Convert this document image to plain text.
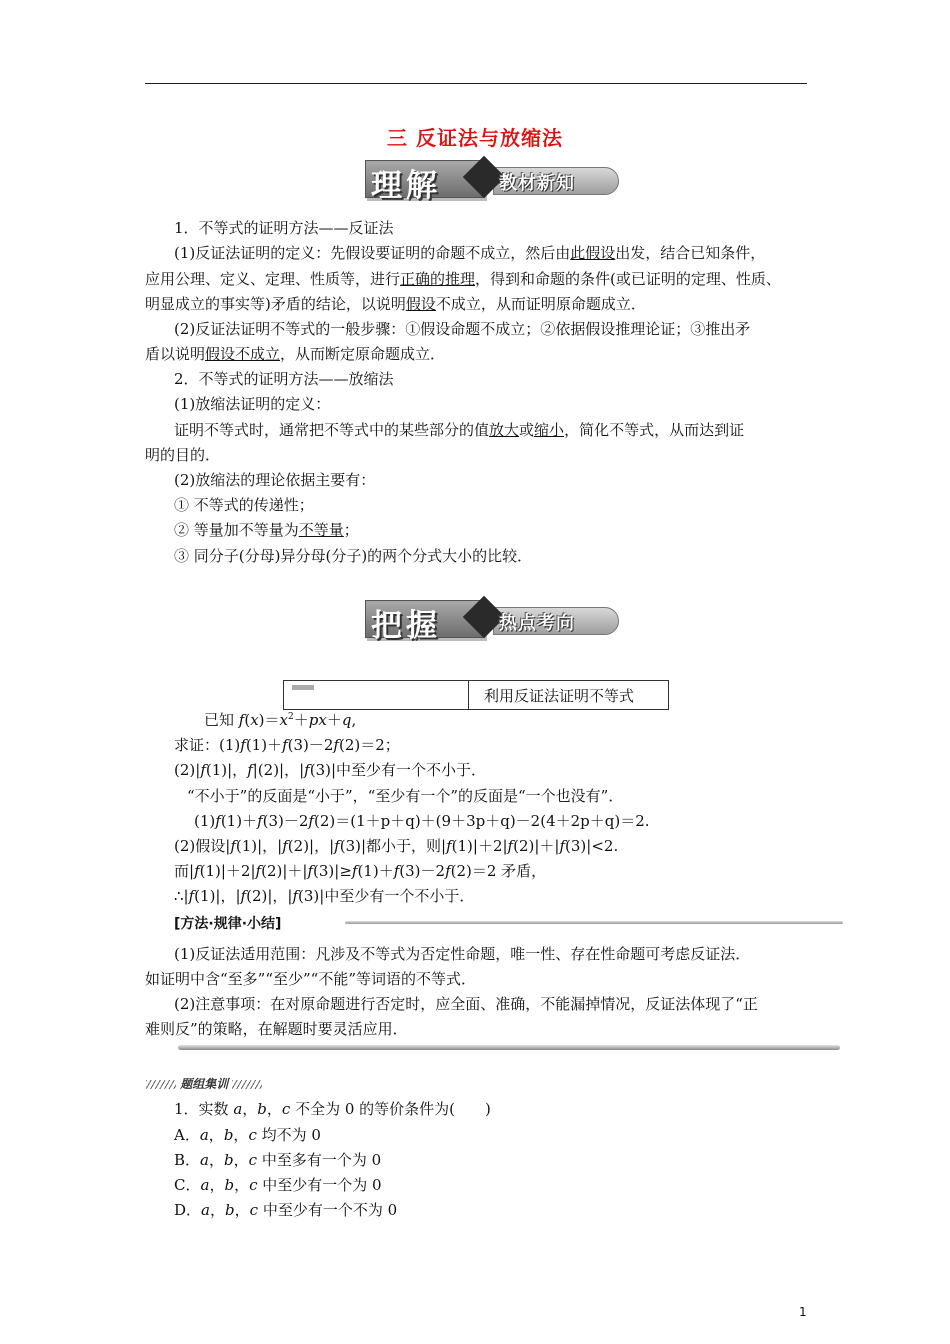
三 反证法与放缩法
理解	教材新知
1．不等式的证明方法——反证法
(1)反证法证明的定义：先假设要证明的命题不成立，然后由此假设出发，结合已知条件，
应用公理、定义、定理、性质等，进行正确的推理，得到和命题的条件(或已证明的定理、性质、
明显成立的事实等)矛盾的结论，以说明假设不成立，从而证明原命题成立．
(2)反证法证明不等式的一般步骤：①假设命题不成立；②依据假设推理论证；③推出矛
盾以说明假设不成立，从而断定原命题成立．
2．不等式的证明方法——放缩法
(1)放缩法证明的定义：
证明不等式时，通常把不等式中的某些部分的值放大或缩小，简化不等式，从而达到证
明的目的．
(2)放缩法的理论依据主要有：
① 不等式的传递性；
② 等量加不等量为不等量；
③ 同分子(分母)异分母(分子)的两个分式大小的比较．
把握	热点考向
利用反证法证明不等式
已知 $f(x)=x^2+px+q$,
求证：(1)f(1)＋f(3)－2f(2)＝2；
(2)|f(1)|，f|(2)|，|f(3)|中至少有一个不小于．
“不小于”的反面是“小于”，“至少有一个”的反面是“一个也没有”．
(1)f(1)＋f(3)－2f(2)＝(1＋p＋q)＋(9＋3p＋q)－2(4＋2p＋q)＝2.
(2)假设|f(1)|，|f(2)|，|f(3)|都小于，则|f(1)|＋2|f(2)|＋|f(3)|<2.
而|f(1)|＋2|f(2)|＋|f(3)|≥f(1)＋f(3)－2f(2)＝2 矛盾，
∴|f(1)|，|f(2)|，|f(3)|中至少有一个不小于．
[方法·规律·小结]
(1)反证法适用范围：凡涉及不等式为否定性命题，唯一性、存在性命题可考虑反证法．
如证明中含“至多”“至少”“不能”等词语的不等式．
(2)注意事项：在对原命题进行否定时，应全面、准确，不能漏掉情况，反证法体现了“正
难则反”的策略，在解题时要灵活应用．
题组集训
1．实数 a，b，c 不全为 0 的等价条件为(　　)
A．a，b，c 均不为 0
B．a，b，c 中至多有一个为 0
C．a，b，c 中至少有一个为 0
D．a，b，c 中至少有一个不为 0
1
